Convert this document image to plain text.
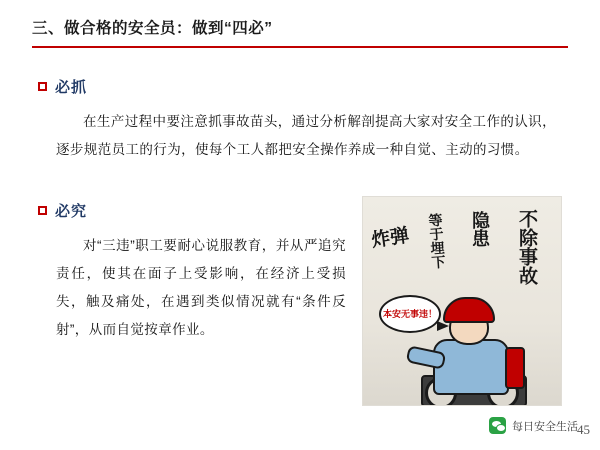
三、做合格的安全员：做到“四必”
必抓
在生产过程中要注意抓事故苗头，通过分析解剖提高大家对安全工作的认识，逐步规范员工的行为，使每个工人都把安全操作养成一种自觉、主动的习惯。
必究
对“三违”职工要耐心说服教育，并从严追究责任，使其在面子上受影响，在经济上受损失，触及痛处，在遇到类似情况就有“条件反射”，从而自觉按章作业。
炸弹 等于埋下 隐患 不除事故
本安无事违！
每日安全生活 45
